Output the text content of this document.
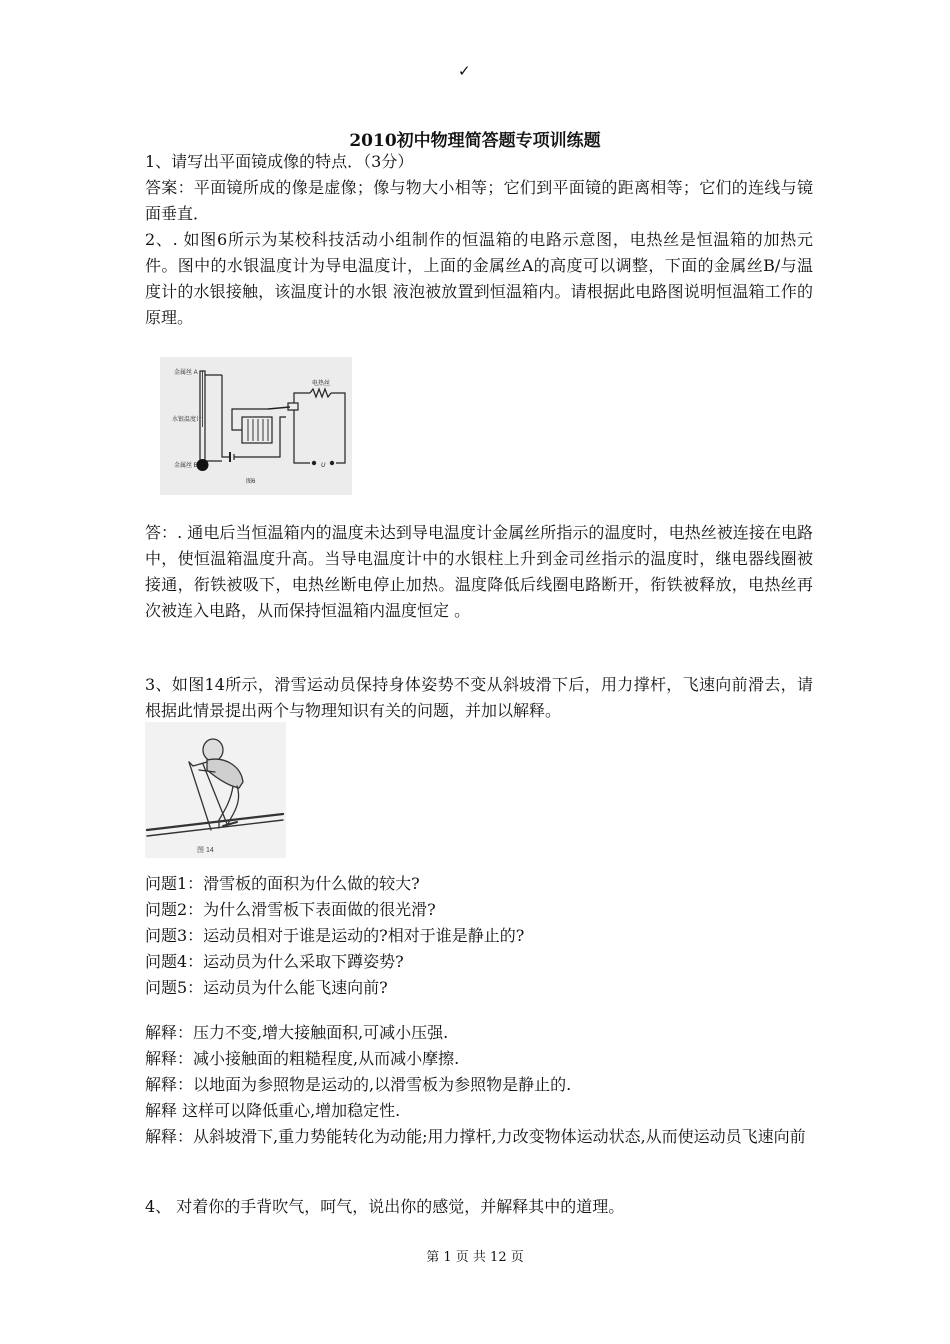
✓
2010初中物理简答题专项训练题
1、请写出平面镜成像的特点．（3分）
答案：平面镜所成的像是虚像；像与物大小相等；它们到平面镜的距离相等；它们的连线与镜面垂直．
2、. 如图6所示为某校科技活动小组制作的恒温箱的电路示意图，电热丝是恒温箱的加热元件。图中的水银温度计为导电温度计，上面的金属丝A的高度可以调整，下面的金属丝B/与温度计的水银接触，该温度计的水银 液泡被放置到恒温箱内。请根据此电路图说明恒温箱工作的原理。
金属丝 A
水银温度计
金属丝 B
电热丝
U
图6
答：. 通电后当恒温箱内的温度未达到导电温度计金属丝所指示的温度时，电热丝被连接在电路中，使恒温箱温度升高。当导电温度计中的水银柱上升到金司丝指示的温度时，继电器线圈被接通，衔铁被吸下，电热丝断电停止加热。温度降低后线圈电路断开，衔铁被释放，电热丝再次被连入电路，从而保持恒温箱内温度恒定 。
3、如图14所示，滑雪运动员保持身体姿势不变从斜坡滑下后，用力撑杆，飞速向前滑去，请根据此情景提出两个与物理知识有关的问题，并加以解释。
图 14
问题1：滑雪板的面积为什么做的较大?
问题2：为什么滑雪板下表面做的很光滑?
问题3：运动员相对于谁是运动的?相对于谁是静止的?
问题4：运动员为什么采取下蹲姿势?
问题5：运动员为什么能飞速向前?
解释：压力不变,增大接触面积,可减小压强.
解释：减小接触面的粗糙程度,从而减小摩擦.
解释：以地面为参照物是运动的,以滑雪板为参照物是静止的.
解释 这样可以降低重心,增加稳定性.
解释：从斜坡滑下,重力势能转化为动能;用力撑杆,力改变物体运动状态,从而使运动员飞速向前
4、 对着你的手背吹气，呵气，说出你的感觉，并解释其中的道理。
第 1 页 共 12 页
